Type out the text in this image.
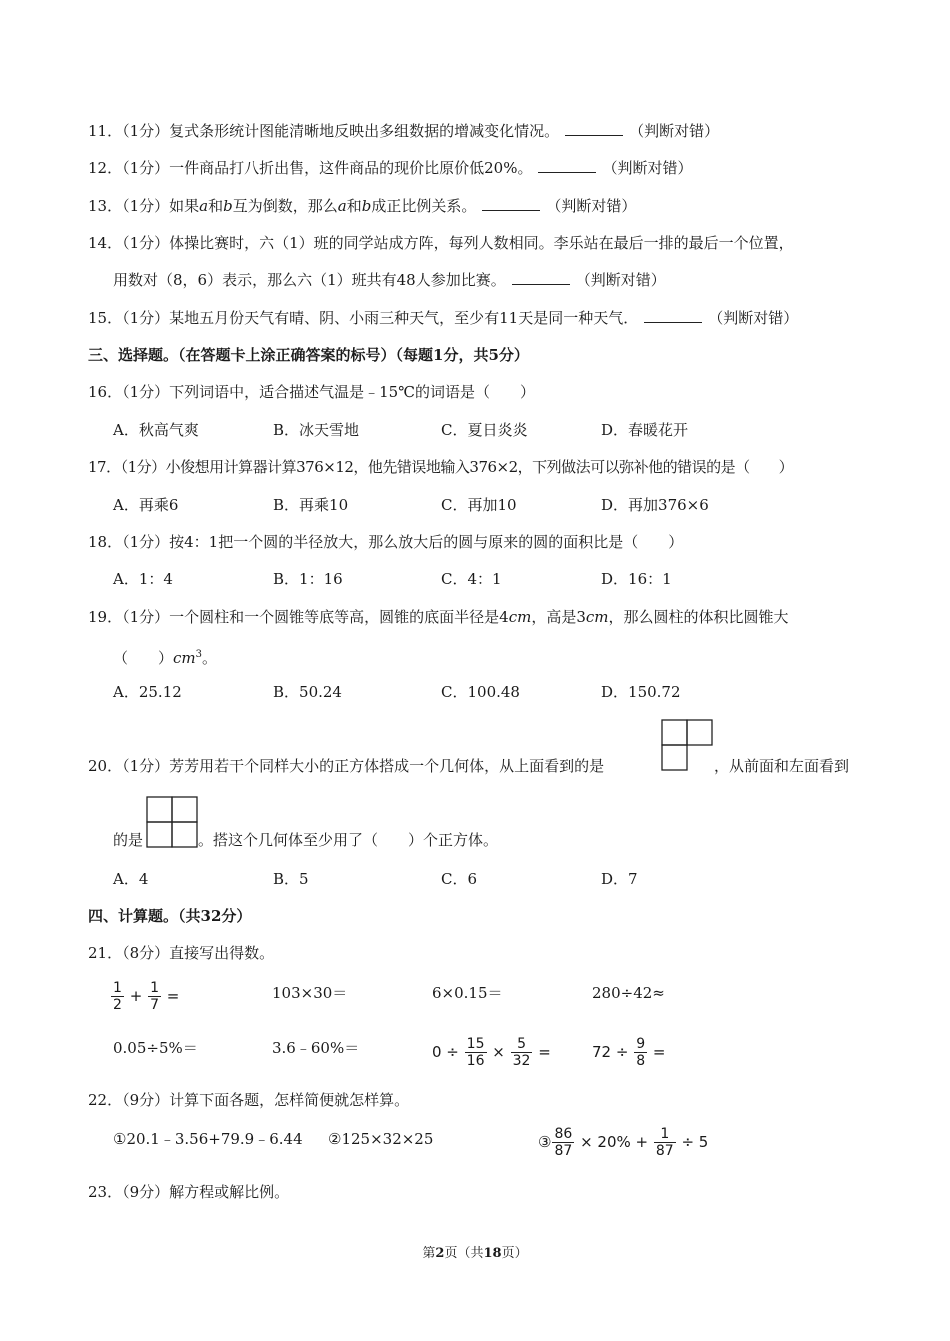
11．（1分）复式条形统计图能清晰地反映出多组数据的增减变化情况。	（判断对错）
12．（1分）一件商品打八折出售，这件商品的现价比原价低20%。	（判断对错）
13．（1分）如果a和b互为倒数，那么a和b成正比例关系。	（判断对错）
14．（1分）体操比赛时，六（1）班的同学站成方阵，每列人数相同。李乐站在最后一排的最后一个位置，
用数对（8，6）表示，那么六（1）班共有48人参加比赛。	（判断对错）
15．（1分）某地五月份天气有晴、阴、小雨三种天气，至少有11天是同一种天气．	（判断对错）
三、选择题。（在答题卡上涂正确答案的标号）（每题1分，共5分）
16．（1分）下列词语中，适合描述气温是﹣15℃的词语是（　　）
A．秋高气爽	B．冰天雪地	C．夏日炎炎	D．春暖花开
17．（1分）小俊想用计算器计算376×12，他先错误地输入376×2，下列做法可以弥补他的错误的是（　　）
A．再乘6	B．再乘10	C．再加10	D．再加376×6
18．（1分）按4：1把一个圆的半径放大，那么放大后的圆与原来的圆的面积比是（　　）
A．1：4	B．1：16	C．4：1	D．16：1
19．（1分）一个圆柱和一个圆锥等底等高，圆锥的底面半径是4cm，高是3cm，那么圆柱的体积比圆锥大
（　　）$cm^3$。
A．25.12	B．50.24	C．100.48	D．150.72
20．（1分）芳芳用若干个同样大小的正方体搭成一个几何体，从上面看到的是	，从前面和左面看到
的是	。搭这个几何体至少用了（　　）个正方体。
A．4	B．5	C．6	D．7
四、计算题。（共32分）
21．（8分）直接写出得数。
$\frac{1}{2} + \frac{1}{7}$ =	103×30＝	6×0.15＝	280÷42≈
0.05÷5%＝	3.6﹣60%＝	$0 \div \frac{15}{16} \times \frac{5}{32}$ =	$72 \div \frac{9}{8}$ =
22．（9分）计算下面各题，怎样简便就怎样算。
①20.1﹣3.56+79.9﹣6.44 ②125×32×25	③ $\frac{86}{87} \times 20\% + \frac{1}{87} \div 5$
23．（9分）解方程或解比例。
第2页（共18页）
